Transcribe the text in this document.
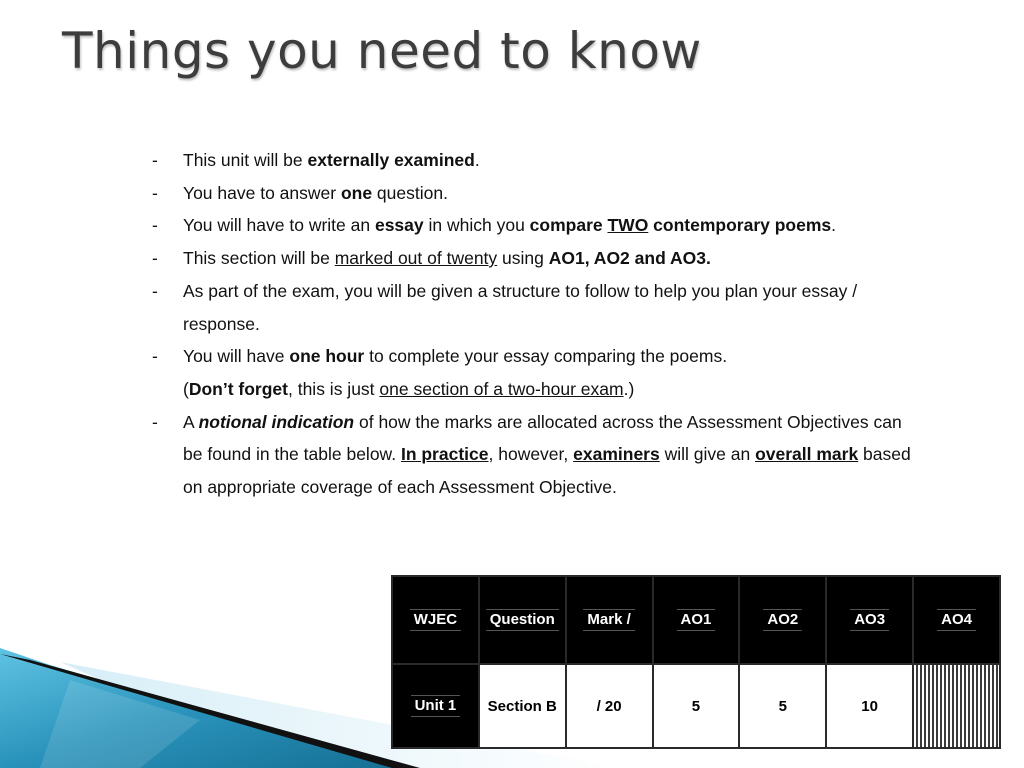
Things you need to know
- This unit will be externally examined.
- You have to answer one question.
- You will have to write an essay in which you compare TWO contemporary poems.
- This section will be marked out of twenty using AO1, AO2 and AO3.
- As part of the exam, you will be given a structure to follow to help you plan your essay / response.
- You will have one hour to complete your essay comparing the poems.
(Don’t forget, this is just one section of a two-hour exam.)
- A notional indication of how the marks are allocated across the Assessment Objectives can be found in the table below. In practice, however, examiners will give an overall mark based on appropriate coverage of each Assessment Objective.
WJEC	Question	Mark /	AO1	AO2	AO3	AO4
Unit 1	Section B	/ 20	5	5	10	
